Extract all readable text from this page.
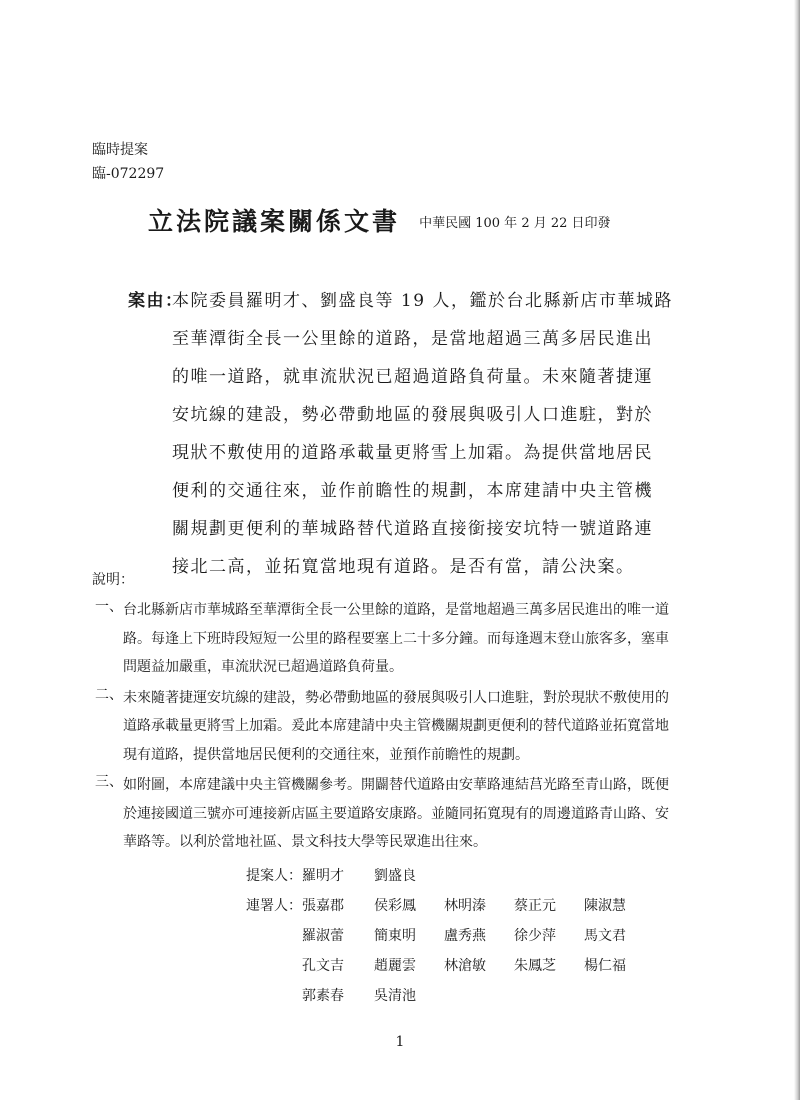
臨時提案
臨-072297
立法院議案關係文書 中華民國 100 年 2 月 22 日印發
案由：
本院委員羅明才、劉盛良等 19 人，鑑於台北縣新店市華城路
至華潭街全長一公里餘的道路，是當地超過三萬多居民進出
的唯一道路，就車流狀況已超過道路負荷量。未來隨著捷運
安坑線的建設，勢必帶動地區的發展與吸引人口進駐，對於
現狀不敷使用的道路承載量更將雪上加霜。為提供當地居民
便利的交通往來，並作前瞻性的規劃，本席建請中央主管機
關規劃更便利的華城路替代道路直接銜接安坑特一號道路連
接北二高，並拓寬當地現有道路。是否有當，請公決案。
說明：
一、 台北縣新店市華城路至華潭街全長一公里餘的道路，是當地超過三萬多居民進出的唯一道
路。每逢上下班時段短短一公里的路程要塞上二十多分鐘。而每逢週末登山旅客多，塞車
問題益加嚴重，車流狀況已超過道路負荷量。
二、 未來隨著捷運安坑線的建設，勢必帶動地區的發展與吸引人口進駐，對於現狀不敷使用的
道路承載量更將雪上加霜。爰此本席建請中央主管機關規劃更便利的替代道路並拓寬當地
現有道路，提供當地居民便利的交通往來，並預作前瞻性的規劃。
三、 如附圖，本席建議中央主管機關參考。開闢替代道路由安華路連結莒光路至青山路，既便
於連接國道三號亦可連接新店區主要道路安康路。並隨同拓寬現有的周邊道路青山路、安
華路等。以利於當地社區、景文科技大學等民眾進出往來。
提案人： 羅明才	劉盛良
連署人： 張嘉郡	侯彩鳳	林明溱	蔡正元	陳淑慧
羅淑蕾	簡東明	盧秀燕	徐少萍	馬文君
孔文吉	趙麗雲	林滄敏	朱鳳芝	楊仁福
郭素春	吳清池
1
